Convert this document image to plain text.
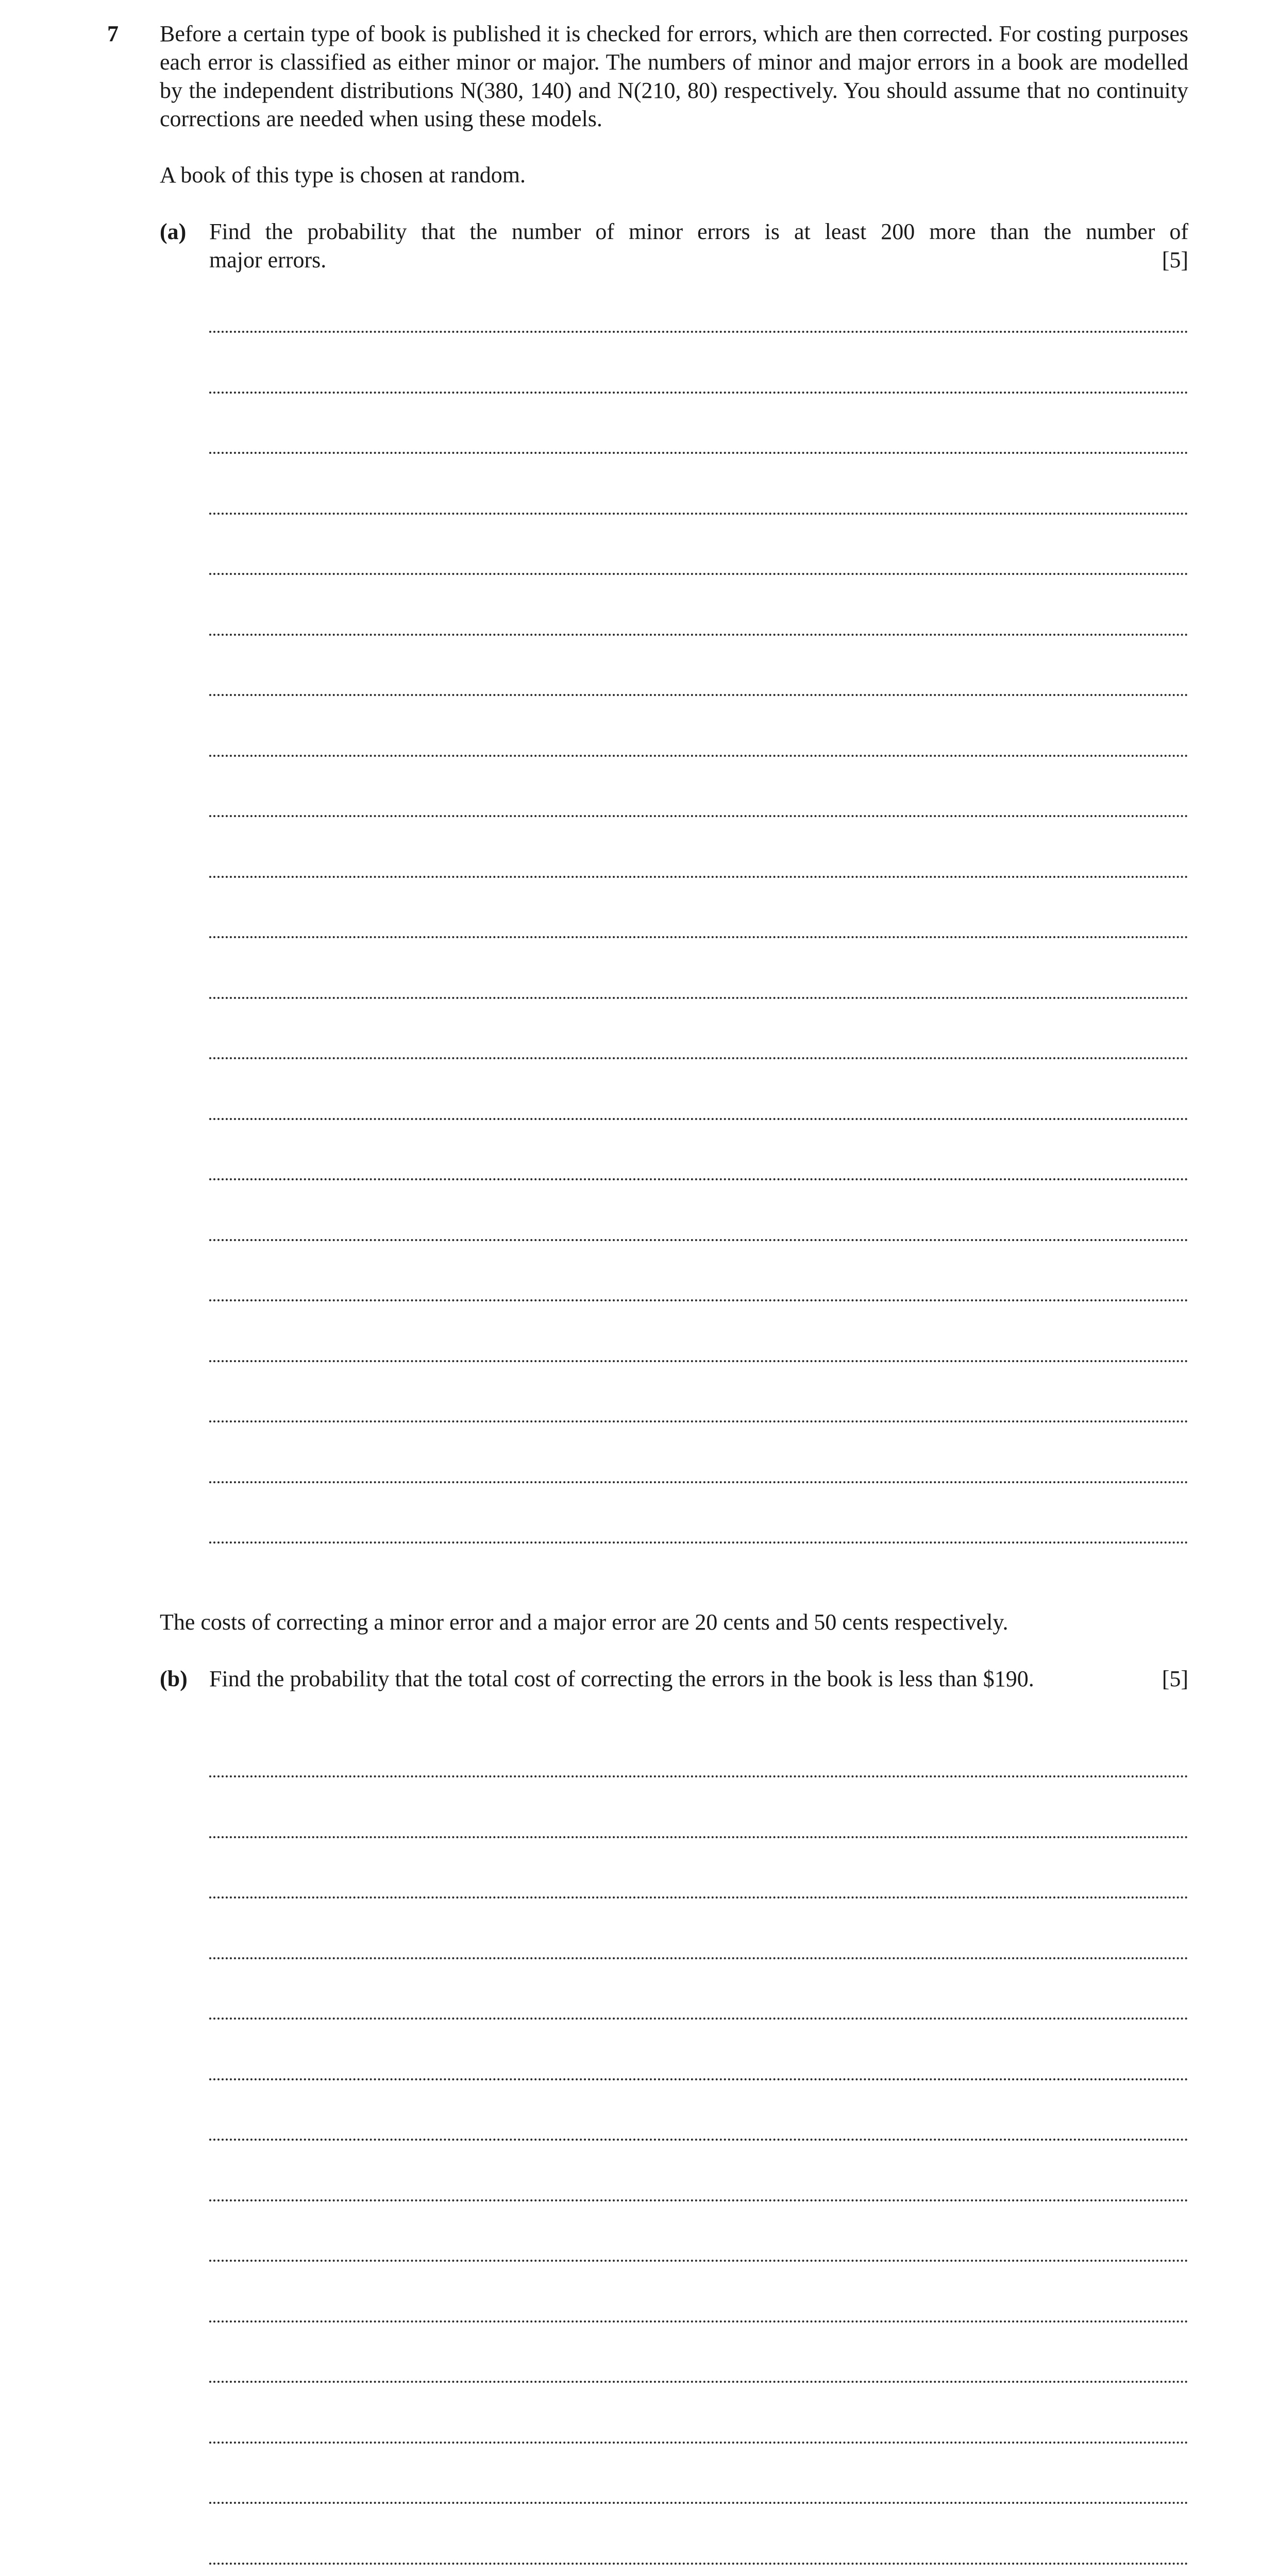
7 Before a certain type of book is published it is checked for errors, which are then corrected. For costing purposes each error is classified as either minor or major. The numbers of minor and major errors in a book are modelled by the independent distributions N(380, 140) and N(210, 80) respectively. You should assume that no continuity corrections are needed when using these models.

A book of this type is chosen at random.

(a) Find the probability that the number of minor errors is at least 200 more than the number of
major errors.	[5]

The costs of correcting a minor error and a major error are 20 cents and 50 cents respectively.

(b) Find the probability that the total cost of correcting the errors in the book is less than $190.	[5]
